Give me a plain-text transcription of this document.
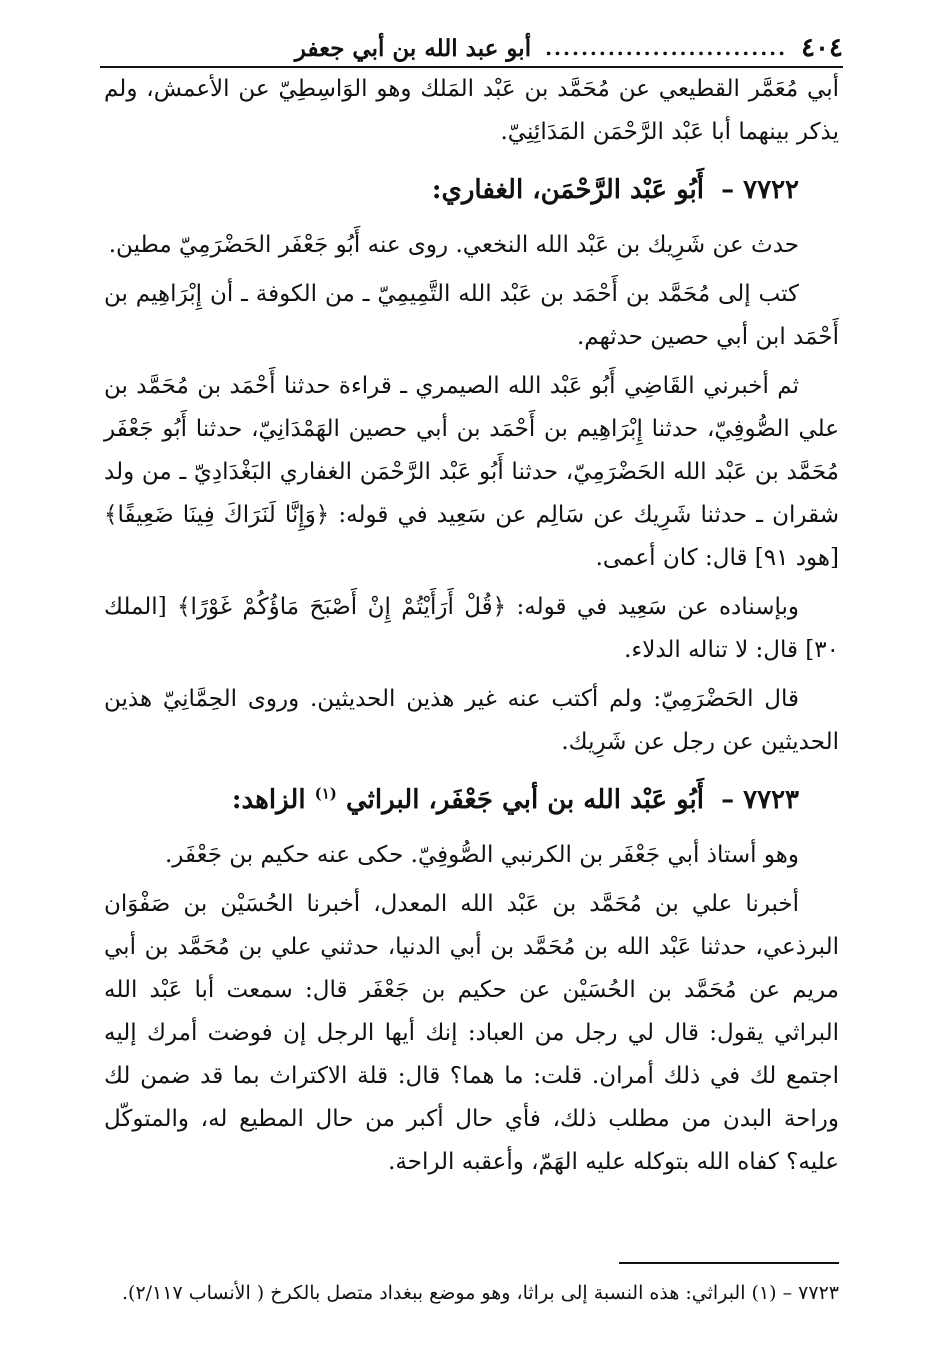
٤٠٤
...........................
أبو عبد الله بن أبي جعفر

أبي مُعَمَّر القطيعي عن مُحَمَّد بن عَبْد المَلك وهو الوَاسِطِيّ عن الأعمش، ولم يذكر بينهما أبا عَبْد الرَّحْمَن المَدَائِنِيّ.

٧٧٢٢ – أَبُو عَبْد الرَّحْمَن، الغفاري:

حدث عن شَرِيك بن عَبْد الله النخعي. روى عنه أَبُو جَعْفَر الحَضْرَمِيّ مطين.

كتب إلى مُحَمَّد بن أَحْمَد بن عَبْد الله التَّمِيمِيّ ـ من الكوفة ـ أن إِبْرَاهِيم بن أَحْمَد ابن أبي حصين حدثهم.

ثم أخبرني القَاضِي أَبُو عَبْد الله الصيمري ـ قراءة حدثنا أَحْمَد بن مُحَمَّد بن علي الصُّوفِيّ، حدثنا إِبْرَاهِيم بن أَحْمَد بن أبي حصين الهَمْدَانِيّ، حدثنا أَبُو جَعْفَر مُحَمَّد بن عَبْد الله الحَضْرَمِيّ، حدثنا أَبُو عَبْد الرَّحْمَن الغفاري البَغْدَادِيّ ـ من ولد شقران ـ حدثنا شَرِيك عن سَالِم عن سَعِيد في قوله: ﴿وَإِنَّا لَنَرَاكَ فِينَا ضَعِيفًا﴾ [هود ٩١] قال: كان أعمى.

وبإسناده عن سَعِيد في قوله: ﴿قُلْ أَرَأَيْتُمْ إِنْ أَصْبَحَ مَاؤُكُمْ غَوْرًا﴾ [الملك ٣٠] قال: لا تناله الدلاء.

قال الحَضْرَمِيّ: ولم أكتب عنه غير هذين الحديثين. وروى الحِمَّانِيّ هذين الحديثين عن رجل عن شَرِيك.

٧٧٢٣ – أَبُو عَبْد الله بن أبي جَعْفَر، البراثي $^{(١)}$ الزاهد:

وهو أستاذ أبي جَعْفَر بن الكرنبي الصُّوفِيّ. حكى عنه حكيم بن جَعْفَر.

أخبرنا علي بن مُحَمَّد بن عَبْد الله المعدل، أخبرنا الحُسَيْن بن صَفْوَان البرذعي، حدثنا عَبْد الله بن مُحَمَّد بن أبي الدنيا، حدثني علي بن مُحَمَّد بن أبي مريم عن مُحَمَّد بن الحُسَيْن عن حكيم بن جَعْفَر قال: سمعت أبا عَبْد الله البراثي يقول: قال لي رجل من العباد: إنك أيها الرجل إن فوضت أمرك إليه اجتمع لك في ذلك أمران. قلت: ما هما؟ قال: قلة الاكتراث بما قد ضمن لك وراحة البدن من مطلب ذلك، فأي حال أكبر من حال المطيع له، والمتوكّل عليه؟ كفاه الله بتوكله عليه الهَمّ، وأعقبه الراحة.

٧٧٢٣ – (١) البراثي: هذه النسبة إلى براثا، وهو موضع ببغداد متصل بالكرخ ( الأنساب ٢/١١٧).
